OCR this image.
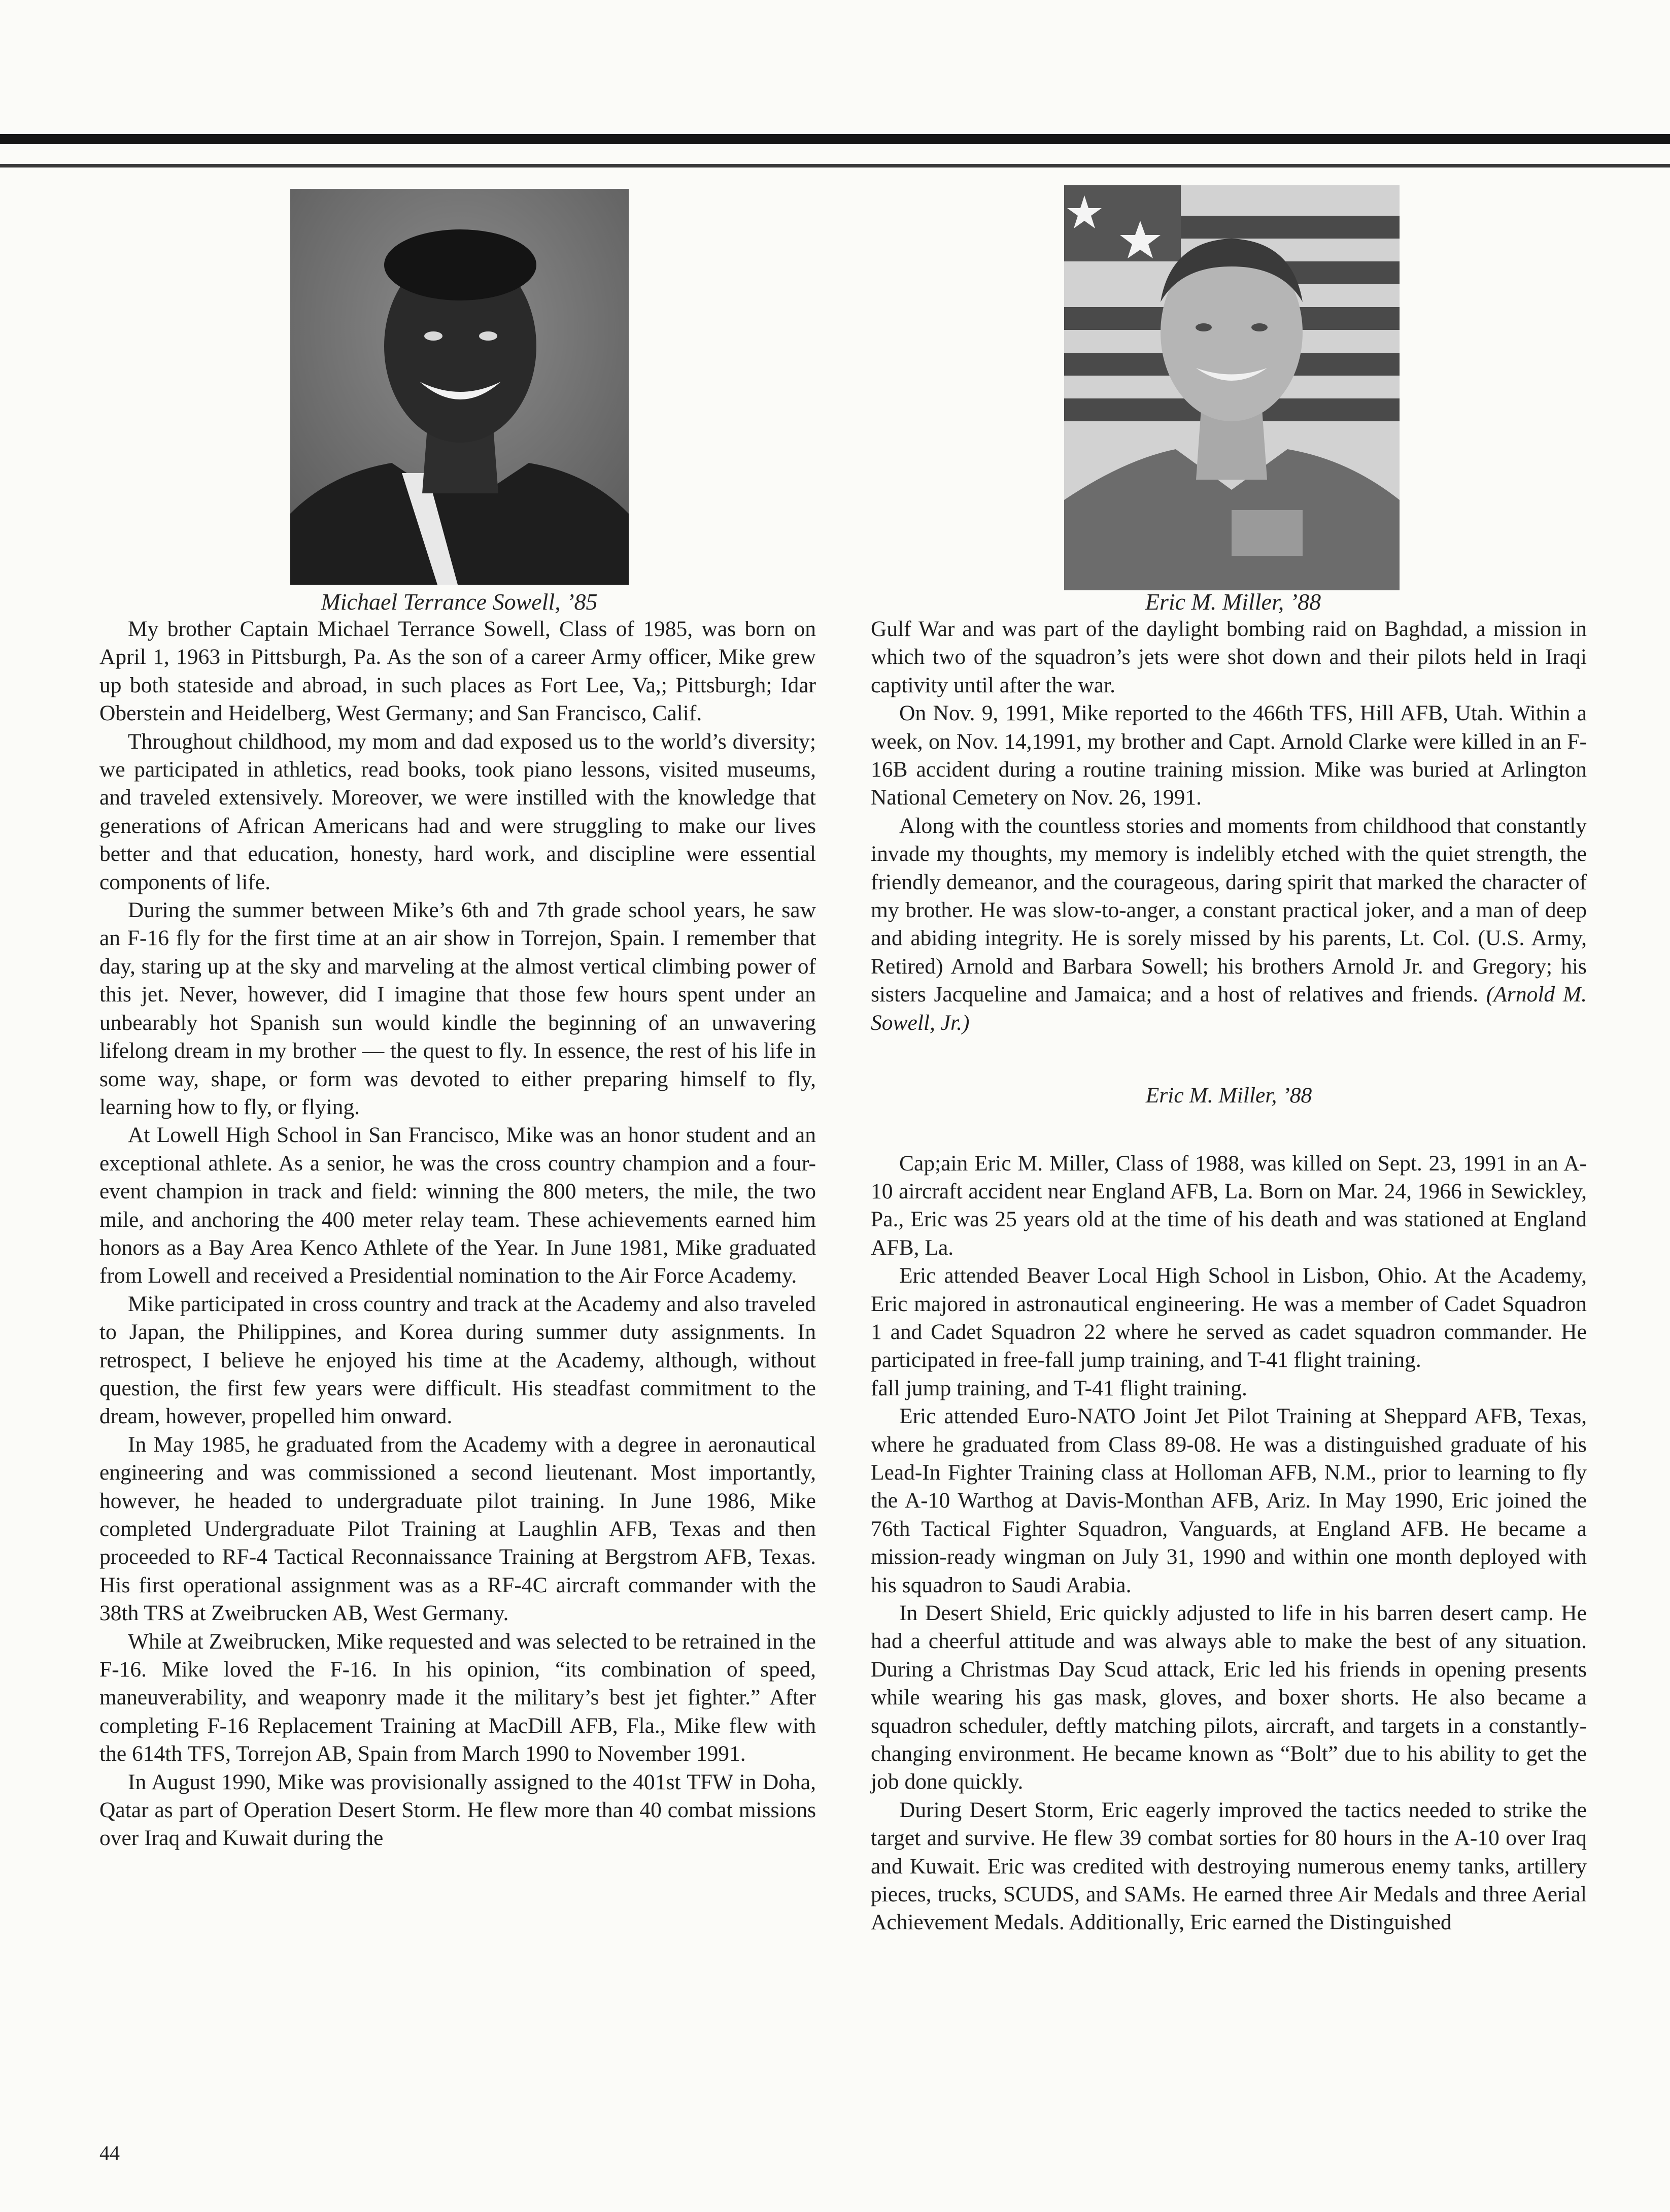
Michael Terrance Sowell, ’85	Eric M. Miller, ’88

My brother Captain Michael Terrance Sowell, Class of 1985, was born on April 1, 1963 in Pittsburgh, Pa. As the son of a career Army officer, Mike grew up both stateside and abroad, in such places as Fort Lee, Va,; Pittsburgh; Idar Oberstein and Heidelberg, West Germany; and San Francisco, Calif.

Throughout childhood, my mom and dad exposed us to the world’s diversity; we participated in athletics, read books, took piano lessons, visited museums, and traveled extensively. Moreover, we were instilled with the knowledge that generations of African Americans had and were struggling to make our lives better and that education, honesty, hard work, and discipline were essential components of life.

During the summer between Mike’s 6th and 7th grade school years, he saw an F-16 fly for the first time at an air show in Torrejon, Spain. I remember that day, staring up at the sky and marveling at the almost vertical climbing power of this jet. Never, however, did I imagine that those few hours spent under an unbearably hot Spanish sun would kindle the beginning of an unwavering lifelong dream in my brother — the quest to fly. In essence, the rest of his life in some way, shape, or form was devoted to either preparing himself to fly, learning how to fly, or flying.

At Lowell High School in San Francisco, Mike was an honor student and an exceptional athlete. As a senior, he was the cross country champion and a four-event champion in track and field: winning the 800 meters, the mile, the two mile, and anchoring the 400 meter relay team. These achievements earned him honors as a Bay Area Kenco Athlete of the Year. In June 1981, Mike graduated from Lowell and received a Presidential nomination to the Air Force Academy.

Mike participated in cross country and track at the Academy and also traveled to Japan, the Philippines, and Korea during summer duty assignments. In retrospect, I believe he enjoyed his time at the Academy, although, without question, the first few years were difficult. His steadfast commitment to the dream, however, propelled him onward.

In May 1985, he graduated from the Academy with a degree in aeronautical engineering and was commissioned a second lieutenant. Most importantly, however, he headed to undergraduate pilot training. In June 1986, Mike completed Undergraduate Pilot Training at Laughlin AFB, Texas and then proceeded to RF-4 Tactical Reconnaissance Training at Bergstrom AFB, Texas. His first operational assignment was as a RF-4C aircraft commander with the 38th TRS at Zweibrucken AB, West Germany.

While at Zweibrucken, Mike requested and was selected to be retrained in the F-16. Mike loved the F-16. In his opinion, “its combination of speed, maneuverability, and weaponry made it the military’s best jet fighter.” After completing F-16 Replacement Training at MacDill AFB, Fla., Mike flew with the 614th TFS, Torrejon AB, Spain from March 1990 to November 1991.

In August 1990, Mike was provisionally assigned to the 401st TFW in Doha, Qatar as part of Operation Desert Storm. He flew more than 40 combat missions over Iraq and Kuwait during the

Gulf War and was part of the daylight bombing raid on Baghdad, a mission in which two of the squadron’s jets were shot down and their pilots held in Iraqi captivity until after the war.

On Nov. 9, 1991, Mike reported to the 466th TFS, Hill AFB, Utah. Within a week, on Nov. 14,1991, my brother and Capt. Arnold Clarke were killed in an F-16B accident during a routine training mission. Mike was buried at Arlington National Cemetery on Nov. 26, 1991.

Along with the countless stories and moments from childhood that constantly invade my thoughts, my memory is indelibly etched with the quiet strength, the friendly demeanor, and the courageous, daring spirit that marked the character of my brother. He was slow-to-anger, a constant practical joker, and a man of deep and abiding integrity. He is sorely missed by his parents, Lt. Col. (U.S. Army, Retired) Arnold and Barbara Sowell; his brothers Arnold Jr. and Gregory; his sisters Jacqueline and Jamaica; and a host of relatives and friends. (Arnold M. Sowell, Jr.)

Eric M. Miller, ’88

Cap;ain Eric M. Miller, Class of 1988, was killed on Sept. 23, 1991 in an A-10 aircraft accident near England AFB, La. Born on Mar. 24, 1966 in Sewickley, Pa., Eric was 25 years old at the time of his death and was stationed at England AFB, La.

Eric attended Beaver Local High School in Lisbon, Ohio. At the Academy, Eric majored in astronautical engineering. He was a member of Cadet Squadron 1 and Cadet Squadron 22 where he served as cadet squadron commander. He participated in free-fall jump training, and T-41 flight training.

fall jump training, and T-41 flight training.

Eric attended Euro-NATO Joint Jet Pilot Training at Sheppard AFB, Texas, where he graduated from Class 89-08. He was a distinguished graduate of his Lead-In Fighter Training class at Holloman AFB, N.M., prior to learning to fly the A-10 Warthog at Davis-Monthan AFB, Ariz. In May 1990, Eric joined the 76th Tactical Fighter Squadron, Vanguards, at England AFB. He became a mission-ready wingman on July 31, 1990 and within one month deployed with his squadron to Saudi Arabia.

In Desert Shield, Eric quickly adjusted to life in his barren desert camp. He had a cheerful attitude and was always able to make the best of any situation. During a Christmas Day Scud attack, Eric led his friends in opening presents while wearing his gas mask, gloves, and boxer shorts. He also became a squadron scheduler, deftly matching pilots, aircraft, and targets in a constantly-changing environment. He became known as “Bolt” due to his ability to get the job done quickly.

During Desert Storm, Eric eagerly improved the tactics needed to strike the target and survive. He flew 39 combat sorties for 80 hours in the A-10 over Iraq and Kuwait. Eric was credited with destroying numerous enemy tanks, artillery pieces, trucks, SCUDS, and SAMs. He earned three Air Medals and three Aerial Achievement Medals. Additionally, Eric earned the Distinguished

44
